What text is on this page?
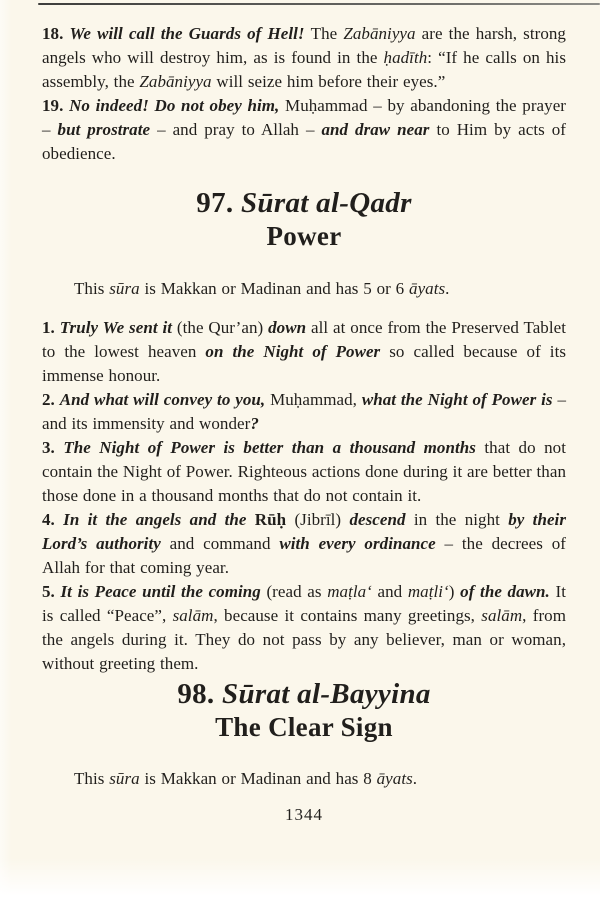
18. We will call the Guards of Hell! The Zabāniyya are the harsh, strong angels who will destroy him, as is found in the ḥadīth: “If he calls on his assembly, the Zabāniyya will seize him before their eyes.”

19. No indeed! Do not obey him, Muḥammad – by abandoning the prayer – but prostrate – and pray to Allah – and draw near to Him by acts of obedience.

97. Sūrat al-Qadr
Power

This sūra is Makkan or Madinan and has 5 or 6 āyats.

1. Truly We sent it (the Qur’an) down all at once from the Preserved Tablet to the lowest heaven on the Night of Power so called because of its immense honour.

2. And what will convey to you, Muḥammad, what the Night of Power is – and its immensity and wonder?

3. The Night of Power is better than a thousand months that do not contain the Night of Power. Righteous actions done during it are better than those done in a thousand months that do not contain it.

4. In it the angels and the Rūḥ (Jibrīl) descend in the night by their Lord’s authority and command with every ordinance – the decrees of Allah for that coming year.

5. It is Peace until the coming (read as maṭlaʻ and maṭliʻ) of the dawn. It is called “Peace”, salām, because it contains many greetings, salām, from the angels during it. They do not pass by any believer, man or woman, without greeting them.

98. Sūrat al-Bayyina
The Clear Sign

This sūra is Makkan or Madinan and has 8 āyats.

1344
